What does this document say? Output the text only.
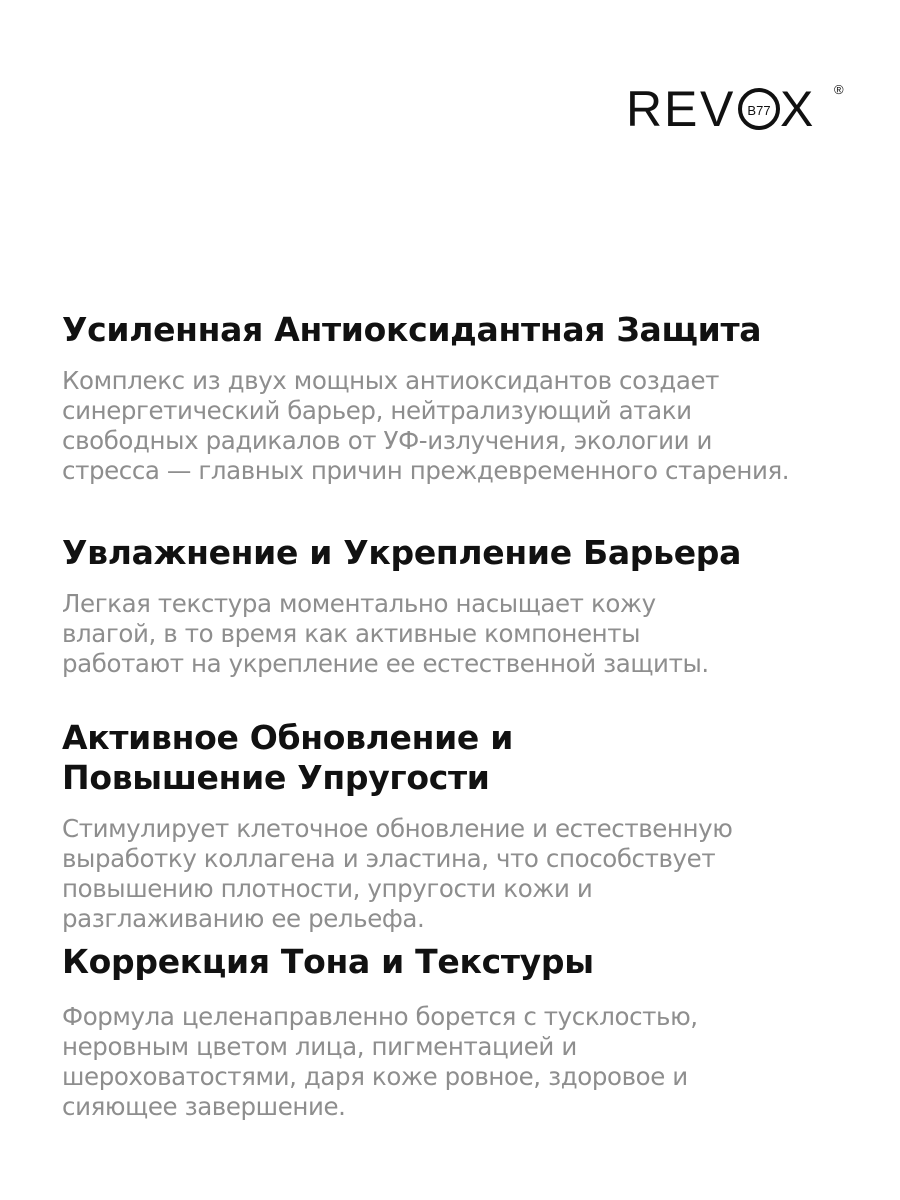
R E V B77 X ®
Усиленная Антиоксидантная Защита

Комплекс из двух мощных антиоксидантов создает
синергетический барьер, нейтрализующий атаки
свободных радикалов от УФ-излучения, экологии и
стресса — главных причин преждевременного старения.

Увлажнение и Укрепление Барьера

Легкая текстура моментально насыщает кожу
влагой, в то время как активные компоненты
работают на укрепление ее естественной защиты.

Активное Обновление и
Повышение Упругости

Стимулирует клеточное обновление и естественную
выработку коллагена и эластина, что способствует
повышению плотности, упругости кожи и
разглаживанию ее рельефа.

Коррекция Тона и Текстуры

Формула целенаправленно борется с тусклостью,
неровным цветом лица, пигментацией и
шероховатостями, даря коже ровное, здоровое и
сияющее завершение.
